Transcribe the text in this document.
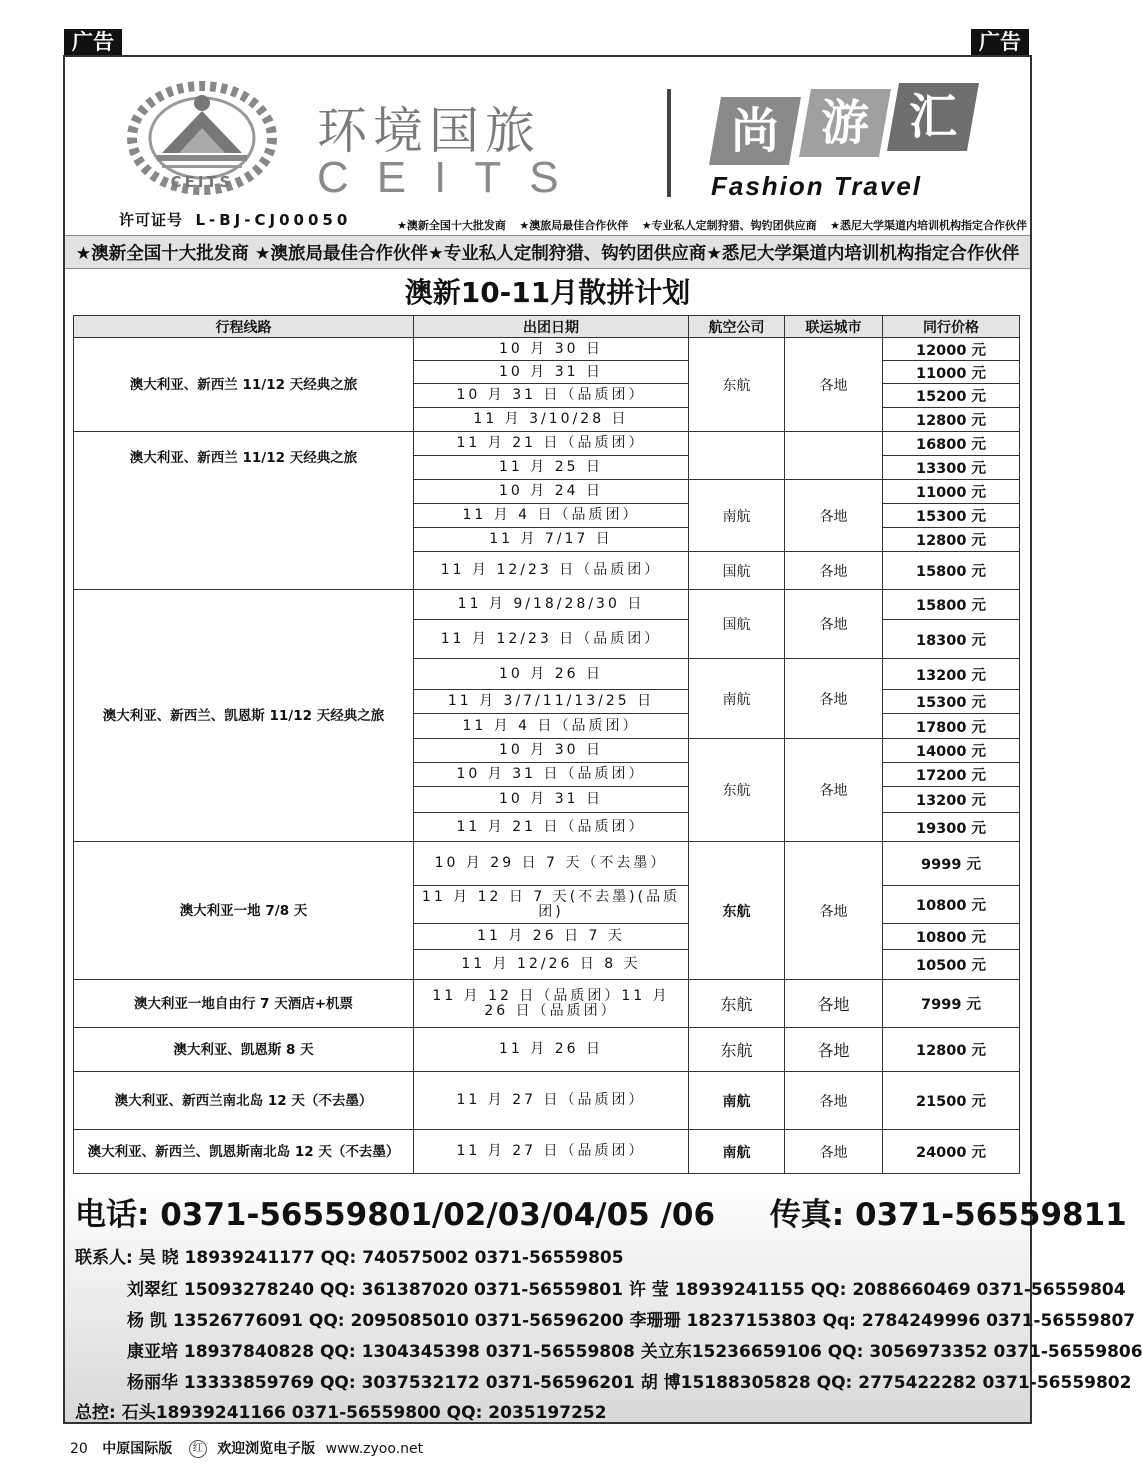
广告	广告
CEITS
环境国旅
CEITS
尚 游 汇
Fashion Travel
许可证号 L-BJ-CJ00050	★澳新全国十大批发商 ★澳旅局最佳合作伙伴 ★专业私人定制狩猎、钩钓团供应商 ★悉尼大学渠道内培训机构指定合作伙伴
★澳新全国十大批发商 ★澳旅局最佳合作伙伴★专业私人定制狩猎、钩钓团供应商★悉尼大学渠道内培训机构指定合作伙伴
澳新10-11月散拼计划
行程线路	出团日期	航空公司	联运城市	同行价格
澳大利亚、新西兰 11/12 天经典之旅	10 月 30 日	东航	各地	12000 元
	10 月 31 日			11000 元
	10 月 31 日（品质团）			15200 元
	11 月 3/10/28 日			12800 元
澳大利亚、新西兰 11/12 天经典之旅	11 月 21 日（品质团）			16800 元
	11 月 25 日			13300 元
	10 月 24 日	南航	各地	11000 元
	11 月 4 日（品质团）			15300 元
	11 月 7/17 日			12800 元
	11 月 12/23 日（品质团）	国航	各地	15800 元
澳大利亚、新西兰、凯恩斯 11/12 天经典之旅	11 月 9/18/28/30 日	国航	各地	15800 元
	11 月 12/23 日（品质团）			18300 元
	10 月 26 日	南航	各地	13200 元
	11 月 3/7/11/13/25 日			15300 元
	11 月 4 日（品质团）			17800 元
	10 月 30 日	东航	各地	14000 元
	10 月 31 日（品质团）			17200 元
	10 月 31 日			13200 元
	11 月 21 日（品质团）			19300 元
澳大利亚一地 7/8 天	10 月 29 日 7 天（不去墨）	东航	各地	9999 元
	11 月 12 日 7 天(不去墨)(品质团)			10800 元
	11 月 26 日 7 天			10800 元
	11 月 12/26 日 8 天			10500 元
澳大利亚一地自由行 7 天酒店+机票	11 月 12 日（品质团）11 月 26 日（品质团）	东航	各地	7999 元
澳大利亚、凯恩斯 8 天	11 月 26 日	东航	各地	12800 元
澳大利亚、新西兰南北岛 12 天（不去墨）	11 月 27 日（品质团）	南航	各地	21500 元
澳大利亚、新西兰、凯恩斯南北岛 12 天（不去墨）	11 月 27 日（品质团）	南航	各地	24000 元
电话: 0371-56559801/02/03/04/05 /06 传真: 0371-56559811
联系人: 吴 晓 18939241177 QQ: 740575002 0371-56559805
刘翠红 15093278240 QQ: 361387020 0371-56559801 许 莹 18939241155 QQ: 2088660469 0371-56559804
杨 凯 13526776091 QQ: 2095085010 0371-56596200 李珊珊 18237153803 Qq: 2784249996 0371-56559807
康亚培 18937840828 QQ: 1304345398 0371-56559808 关立东15236659106 QQ: 3056973352 0371-56559806
杨丽华 13333859769 QQ: 3037532172 0371-56596201 胡 博15188305828 QQ: 2775422282 0371-56559802
总控: 石头18939241166 0371-56559800 QQ: 2035197252
20 中原国际版 红 欢迎浏览电子版 www.zyoo.net
